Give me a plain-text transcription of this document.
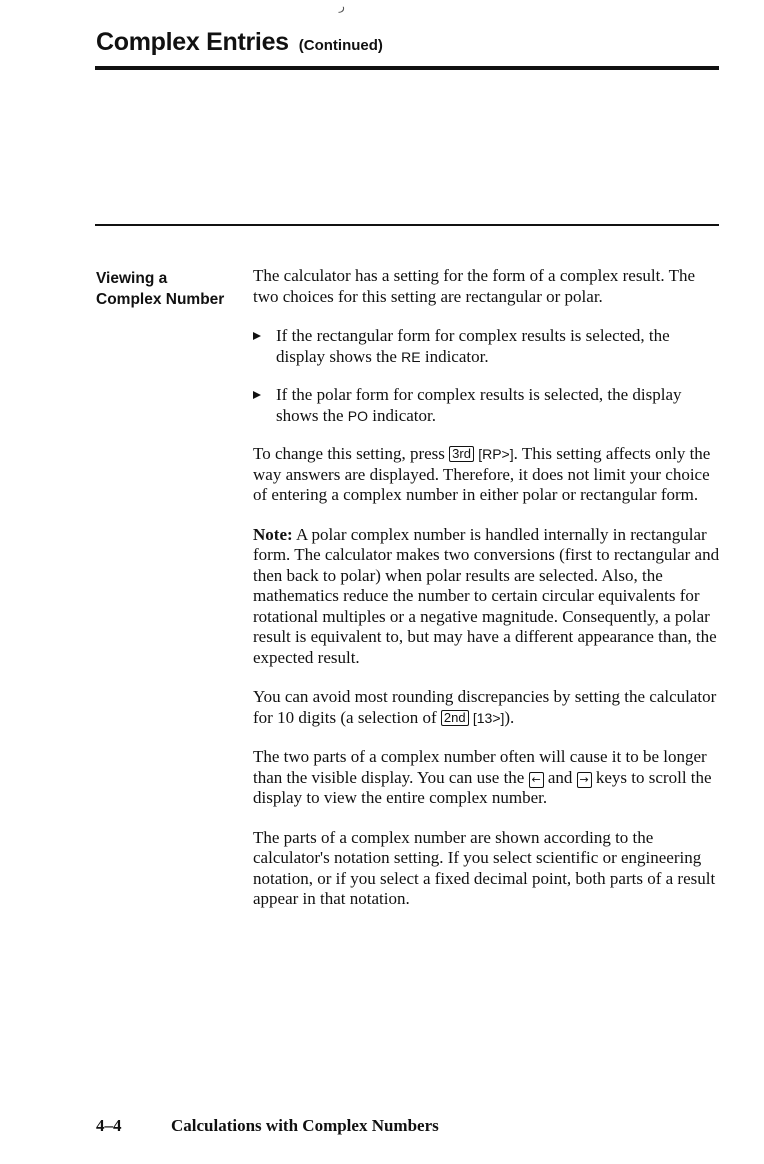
ر
Complex Entries (Continued)
Viewing a
Complex Number

The calculator has a setting for the form of a complex result. The two choices for this setting are rectangular or polar.

If the rectangular form for complex results is selected, the display shows the RE indicator.
If the polar form for complex results is selected, the display shows the PO indicator.

To change this setting, press 3rd [RP>]. This setting affects only the way answers are displayed. Therefore, it does not limit your choice of entering a complex number in either polar or rectangular form.

Note: A polar complex number is handled internally in rectangular form. The calculator makes two conversions (first to rectangular and then back to polar) when polar results are selected. Also, the mathematics reduce the number to certain circular equivalents for rotational multiples or a negative magnitude. Consequently, a polar result is equivalent to, but may have a different appearance than, the expected result.

You can avoid most rounding discrepancies by setting the calculator for 10 digits (a selection of 2nd [13>]).

The two parts of a complex number often will cause it to be longer than the visible display. You can use the ← and → keys to scroll the display to view the entire complex number.

The parts of a complex number are shown according to the calculator's notation setting. If you select scientific or engineering notation, or if you select a fixed decimal point, both parts of a result appear in that notation.

4–4	Calculations with Complex Numbers
